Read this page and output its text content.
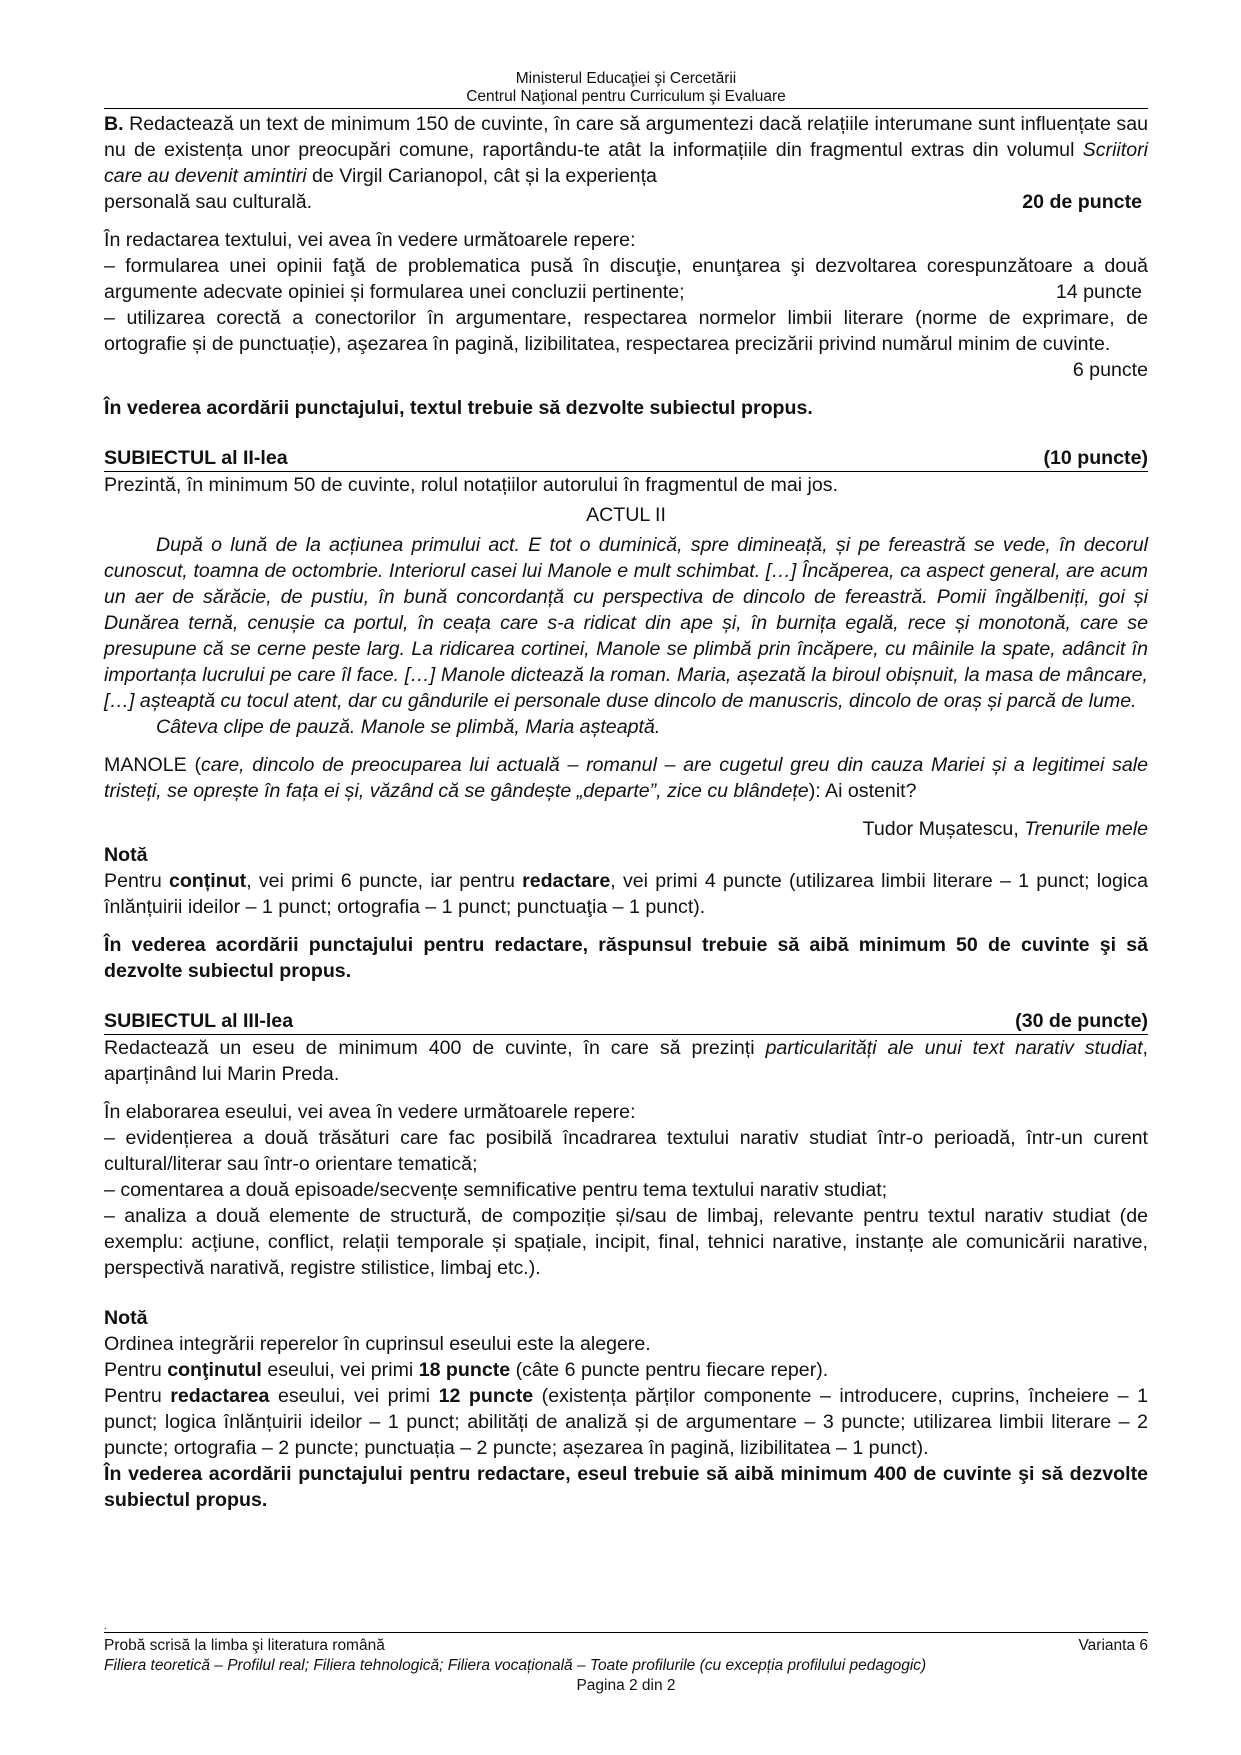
Ministerul Educaţiei şi Cercetării
Centrul Naţional pentru Curriculum şi Evaluare

B. Redactează un text de minimum 150 de cuvinte, în care să argumentezi dacă relațiile interumane sunt influențate sau nu de existența unor preocupări comune, raportându-te atât la informațiile din fragmentul extras din volumul Scriitori care au devenit amintiri de Virgil Carianopol, cât și la experiența

personală sau culturală.	20 de puncte

În redactarea textului, vei avea în vedere următoarele repere:

– formularea unei opinii faţă de problematica pusă în discuţie, enunţarea şi dezvoltarea corespunzătoare a două argumente adecvate opiniei și formularea unei concluzii pertinente;	14 puncte

– utilizarea corectă a conectorilor în argumentare, respectarea normelor limbii literare (norme de exprimare, de ortografie și de punctuație), aşezarea în pagină, lizibilitatea, respectarea precizării privind numărul minim de cuvinte.
6 puncte

În vederea acordării punctajului, textul trebuie să dezvolte subiectul propus.

SUBIECTUL al II-lea	(10 puncte)

Prezintă, în minimum 50 de cuvinte, rolul notațiilor autorului în fragmentul de mai jos.

ACTUL II

După o lună de la acțiunea primului act. E tot o duminică, spre dimineață, și pe fereastră se vede, în decorul cunoscut, toamna de octombrie. Interiorul casei lui Manole e mult schimbat. […] Încăperea, ca aspect general, are acum un aer de sărăcie, de pustiu, în bună concordanță cu perspectiva de dincolo de fereastră. Pomii îngălbeniți, goi și Dunărea ternă, cenușie ca portul, în ceața care s-a ridicat din ape și, în burnița egală, rece și monotonă, care se presupune că se cerne peste larg. La ridicarea cortinei, Manole se plimbă prin încăpere, cu mâinile la spate, adâncit în importanța lucrului pe care îl face. […] Manole dictează la roman. Maria, așezată la biroul obișnuit, la masa de mâncare, […] așteaptă cu tocul atent, dar cu gândurile ei personale duse dincolo de manuscris, dincolo de oraș și parcă de lume.

Câteva clipe de pauză. Manole se plimbă, Maria așteaptă.

MANOLE (care, dincolo de preocuparea lui actuală – romanul – are cugetul greu din cauza Mariei și a legitimei sale tristeți, se oprește în fața ei și, văzând că se gândește „departe”, zice cu blândețe): Ai ostenit?

Tudor Mușatescu, Trenurile mele

Notă

Pentru conținut, vei primi 6 puncte, iar pentru redactare, vei primi 4 puncte (utilizarea limbii literare – 1 punct; logica înlănțuirii ideilor – 1 punct; ortografia – 1 punct; punctuaţia – 1 punct).

În vederea acordării punctajului pentru redactare, răspunsul trebuie să aibă minimum 50 de cuvinte şi să dezvolte subiectul propus.

SUBIECTUL al III-lea	(30 de puncte)

Redactează un eseu de minimum 400 de cuvinte, în care să prezinți particularități ale unui text narativ studiat, aparținând lui Marin Preda.

În elaborarea eseului, vei avea în vedere următoarele repere:

– evidențierea a două trăsături care fac posibilă încadrarea textului narativ studiat într-o perioadă, într-un curent cultural/literar sau într-o orientare tematică;

– comentarea a două episoade/secvențe semnificative pentru tema textului narativ studiat;

– analiza a două elemente de structură, de compoziție și/sau de limbaj, relevante pentru textul narativ studiat (de exemplu: acțiune, conflict, relații temporale și spațiale, incipit, final, tehnici narative, instanțe ale comunicării narative, perspectivă narativă, registre stilistice, limbaj etc.).

Notă

Ordinea integrării reperelor în cuprinsul eseului este la alegere.

Pentru conţinutul eseului, vei primi 18 puncte (câte 6 puncte pentru fiecare reper).

Pentru redactarea eseului, vei primi 12 puncte (existența părților componente – introducere, cuprins, încheiere – 1 punct; logica înlănțuirii ideilor – 1 punct; abilități de analiză și de argumentare – 3 puncte; utilizarea limbii literare – 2 puncte; ortografia – 2 puncte; punctuația – 2 puncte; așezarea în pagină, lizibilitatea – 1 punct).

În vederea acordării punctajului pentru redactare, eseul trebuie să aibă minimum 400 de cuvinte şi să dezvolte subiectul propus.

.
Probă scrisă la limba şi literatura română	Varianta 6
Filiera teoretică – Profilul real; Filiera tehnologică; Filiera vocațională – Toate profilurile (cu excepția profilului pedagogic)
Pagina 2 din 2
